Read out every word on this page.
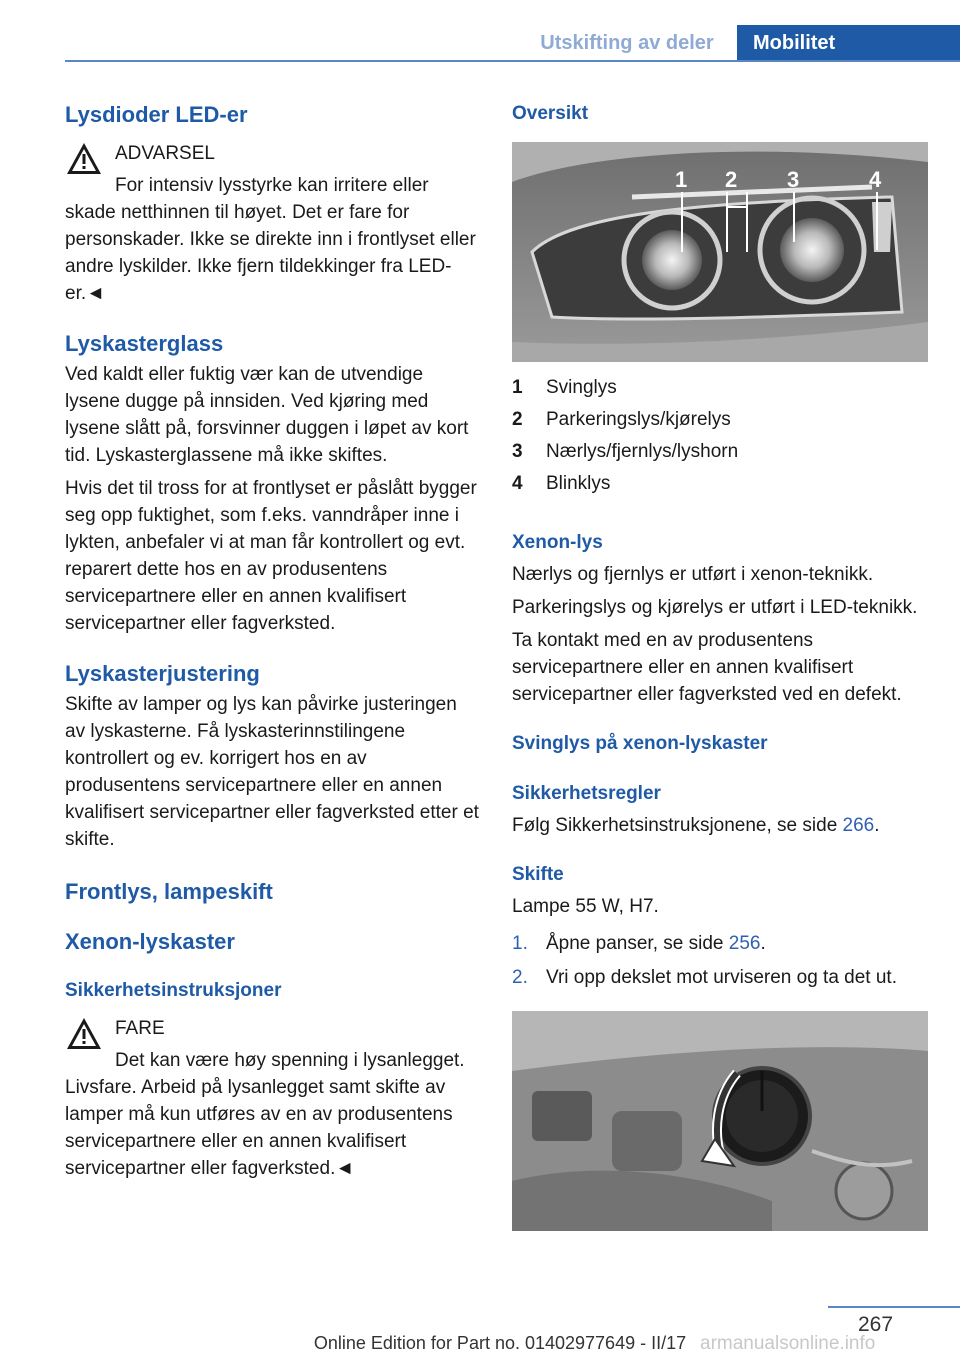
Utskifting av deler	Mobilitet

Lysdioder LED-er

ADVARSEL
For intensiv lysstyrke kan irritere eller skade netthinnen til høyet. Det er fare for personskader. Ikke se direkte inn i frontlyset eller andre lyskilder. Ikke fjern tildekkinger fra LED-er.◄

Lyskasterglass

Ved kaldt eller fuktig vær kan de utvendige lysene dugge på innsiden. Ved kjøring med lysene slått på, forsvinner duggen i løpet av kort tid. Lyskasterglassene må ikke skiftes.

Hvis det til tross for at frontlyset er påslått bygger seg opp fuktighet, som f.eks. vanndråper inne i lykten, anbefaler vi at man får kontrollert og evt. reparert dette hos en av produsentens servicepartnere eller en annen kvalifisert servicepartner eller fagverksted.

Lyskasterjustering

Skifte av lamper og lys kan påvirke justeringen av lyskasterne. Få lyskasterinnstilingene kontrollert og ev. korrigert hos en av produsentens servicepartnere eller en annen kvalifisert servicepartner eller fagverksted etter et skifte.

Frontlys, lampeskift

Xenon-lyskaster

Sikkerhetsinstruksjoner

FARE
Det kan være høy spenning i lysanlegget. Livsfare. Arbeid på lysanlegget samt skifte av lamper må kun utføres av en av produsentens servicepartnere eller en annen kvalifisert servicepartner eller fagverksted.◄

Oversikt

1 2 3	4
1	Svinglys
2	Parkeringslys/kjørelys
3	Nærlys/fjernlys/lyshorn
4	Blinklys

Xenon-lys

Nærlys og fjernlys er utført i xenon-teknikk.

Parkeringslys og kjørelys er utført i LED-teknikk.

Ta kontakt med en av produsentens servicepartnere eller en annen kvalifisert servicepartner eller fagverksted ved en defekt.

Svinglys på xenon-lyskaster

Sikkerhetsregler

Følg Sikkerhetsinstruksjonene, se side 266.

Skifte

Lampe 55 W, H7.

1. Åpne panser, se side 256.
2. Vri opp dekslet mot urviseren og ta det ut.
267
Online Edition for Part no. 01402977649 - II/17 armanualsonline.info
